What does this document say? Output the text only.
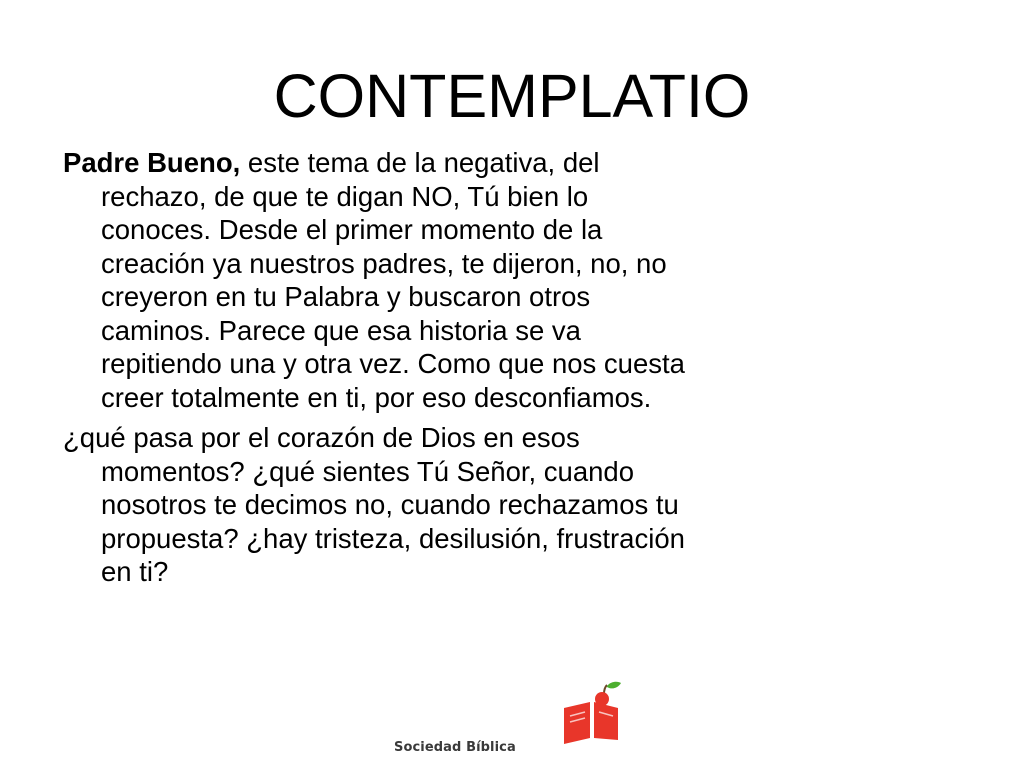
CONTEMPLATIO

Padre Bueno, este tema de la negativa, del rechazo, de que te digan NO, Tú bien lo conoces. Desde el primer momento de la creación ya nuestros padres, te dijeron, no, no creyeron en tu Palabra y buscaron otros caminos. Parece que esa historia se va repitiendo una y otra vez. Como que nos cuesta creer totalmente en ti, por eso desconfiamos.

¿qué pasa por el corazón de Dios en esos momentos? ¿qué sientes Tú Señor, cuando nosotros te decimos no, cuando rechazamos tu propuesta? ¿hay tristeza, desilusión, frustración en ti?

Sociedad Bíblica
